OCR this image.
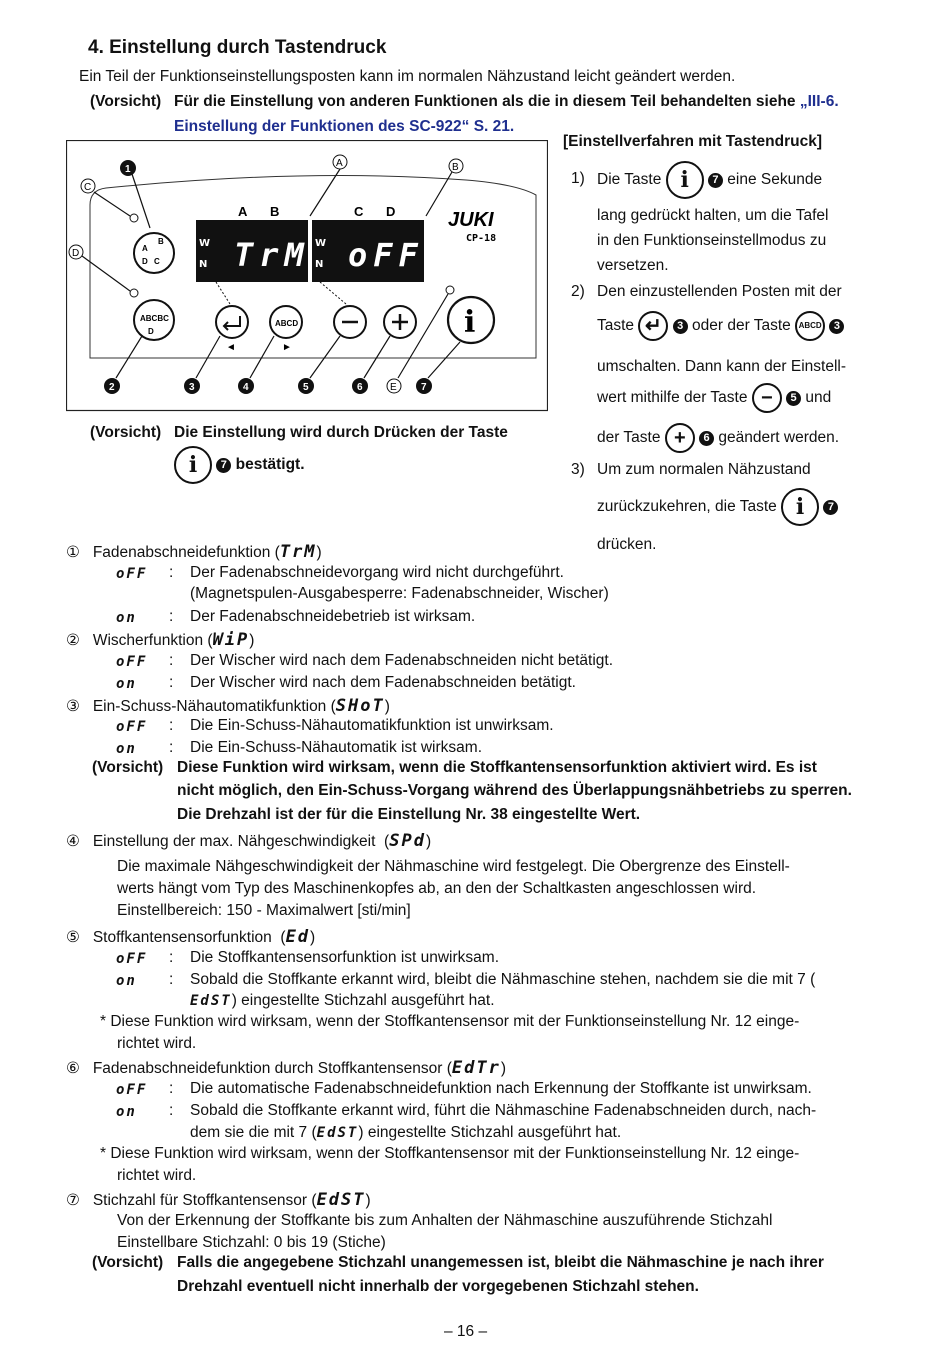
4. Einstellung durch Tastendruck
Ein Teil der Funktionseinstellungsposten kann im normalen Nähzustand leicht geändert werden.
(Vorsicht) Für die Einstellung von anderen Funktionen als die in diesem Teil behandelten siehe „III-6.
Einstellung der Funktionen des SC-922“ S. 21.
W
N
W
N
TrM oFF
A B	C D	JUKI
CP-18
A
B
D C
ABCBC
D
ABCD	i
◄	►
A	B
C
D
E
1
2	3	4	5	6	7
(Vorsicht) Die Einstellung wird durch Drücken der Taste
i 7 bestätigt.
[Einstellverfahren mit Tastendruck]
1) Die Taste i 7 eine Sekunde
lang gedrückt halten, um die Tafel
in den Funktionseinstellmodus zu
versetzen.
2) Den einzustellenden Posten mit der
Taste ↵ 3 oder der Taste ABCD 3
umschalten. Dann kann der Einstell-
wert mithilfe der Taste − 5 und
der Taste + 6 geändert werden.
3) Um zum normalen Nähzustand
zurückzukehren, die Taste i 7
drücken.
① Fadenabschneidefunktion (TrM)
oFF : Der Fadenabschneidevorgang wird nicht durchgeführt.
(Magnetspulen-Ausgabesperre: Fadenabschneider, Wischer)
on : Der Fadenabschneidebetrieb ist wirksam.
② Wischerfunktion (WiP)
oFF : Der Wischer wird nach dem Fadenabschneiden nicht betätigt.
on : Der Wischer wird nach dem Fadenabschneiden betätigt.
③ Ein-Schuss-Nähautomatikfunktion (SHoT)
oFF : Die Ein-Schuss-Nähautomatikfunktion ist unwirksam.
on : Die Ein-Schuss-Nähautomatik ist wirksam.
(Vorsicht) Diese Funktion wird wirksam, wenn die Stoffkantensensorfunktion aktiviert wird. Es ist
nicht möglich, den Ein-Schuss-Vorgang während des Überlappungsnähbetriebs zu sperren.
Die Drehzahl ist der für die Einstellung Nr. 38 eingestellte Wert.
④ Einstellung der max. Nähgeschwindigkeit  (SPd)
Die maximale Nähgeschwindigkeit der Nähmaschine wird festgelegt. Die Obergrenze des Einstell-
werts hängt vom Typ des Maschinenkopfes ab, an den der Schaltkasten angeschlossen wird.
Einstellbereich: 150 - Maximalwert [sti/min]
⑤ Stoffkantensensorfunktion  (Ed)
oFF : Die Stoffkantensensorfunktion ist unwirksam.
on : Sobald die Stoffkante erkannt wird, bleibt die Nähmaschine stehen, nachdem sie die mit 7 (
EdST) eingestellte Stichzahl ausgeführt hat.
* Diese Funktion wird wirksam, wenn der Stoffkantensensor mit der Funktionseinstellung Nr. 12 einge-
richtet wird.
⑥ Fadenabschneidefunktion durch Stoffkantensensor (EdTr)
oFF : Die automatische Fadenabschneidefunktion nach Erkennung der Stoffkante ist unwirksam.
on : Sobald die Stoffkante erkannt wird, führt die Nähmaschine Fadenabschneiden durch, nach-
dem sie die mit 7 (EdST) eingestellte Stichzahl ausgeführt hat.
* Diese Funktion wird wirksam, wenn der Stoffkantensensor mit der Funktionseinstellung Nr. 12 einge-
richtet wird.
⑦ Stichzahl für Stoffkantensensor (EdST)
Von der Erkennung der Stoffkante bis zum Anhalten der Nähmaschine auszuführende Stichzahl
Einstellbare Stichzahl: 0 bis 19 (Stiche)
(Vorsicht) Falls die angegebene Stichzahl unangemessen ist, bleibt die Nähmaschine je nach ihrer
Drehzahl eventuell nicht innerhalb der vorgegebenen Stichzahl stehen.
– 16 –
